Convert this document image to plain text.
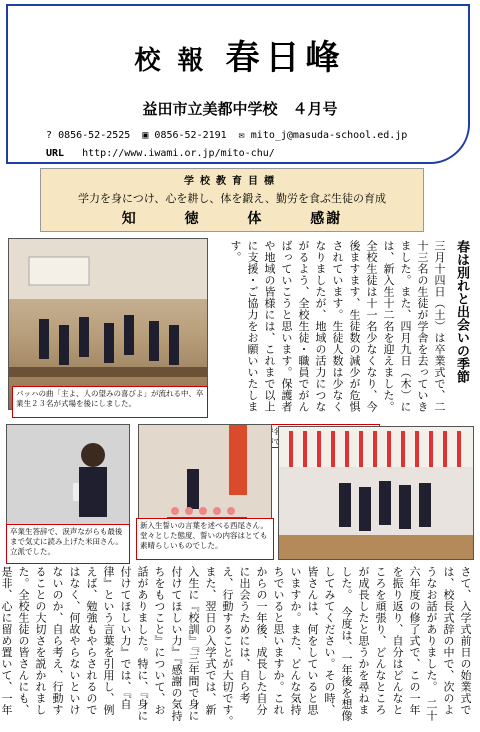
校 報 春日峰
益田市立美都中学校　４月号
? 0856-52-2525 ▣ 0856-52-2191 ✉ mito_j@masuda-school.ed.jp
URL http://www.iwami.or.jp/mito-chu/
学校教育目標
学力を身につけ、心を耕し、体を鍛え、勤労を食ぶ生徒の育成
知 徳 体 感謝
春は別れと出会いの季節
三月十四日（土）は卒業式で、二十三名の生徒が学舎を去っていきました。また、四月九日（木）には、新入生十二名を迎えました。全校生徒は十一名少なくなり、今後ますます、生徒数の減少が危惧されています。生徒人数は少なくなりましたが、地域の活力につながるよう、全校生徒・職員でがんばっていこうと思います。保護者や地域の皆様には、これまで以上に支援・ご協力をお願いいたします。
バッハの曲「主よ、人の望みの喜びよ」が流れる中、卒業生２３名が式場を後にしました。
卒業生答辞で、涙声ながらも最後まで気丈に読み上げた米田さん。立派でした。
新入生誓いの言葉を述べる西尾さん。堂々とした態度、誓いの内容はとても素晴らしいものでした。
さて、入学式前日の始業式では、校長式辞の中で、次のようなお話がありました。　二十六年度の修了式で、この一年を振り返り、自分はどんなところを頑張り、どんなところが成長したと思うかを尋ねました。　今度は、一年後を想像してみてください。その時、皆さんは、何をしていると思いますか。また、どんな気持ちでいると思いますか。これからの一年後、成長した自分に出会うためには、自ら考え、行動することが大切です。　また、翌日の入学式では、新入生に『校訓』『三年間で身に付けてほしい力』『感謝の気持ちをもつこと』について、お話がありました。特に、『身に付けてほしい力』では、『自律』という言葉を引用し、例えば、勉強もやらされるのではなく、何故やらないといけないのか、自ら考え、行動することの大切さを説かれました。全校生徒の皆さんにも、是非、心に留め置いて、一年
